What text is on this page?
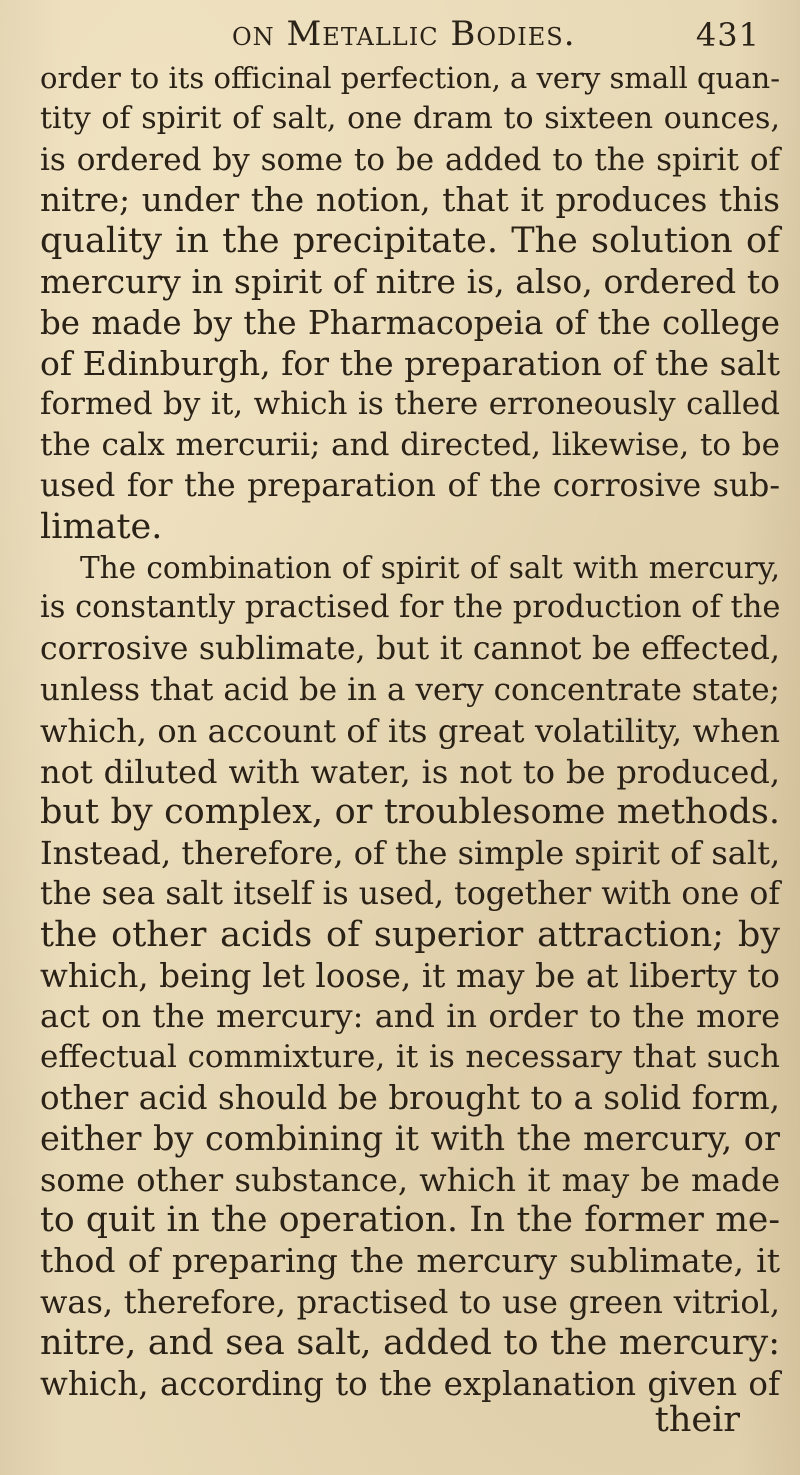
on Metallic Bodies.	431
order to its officinal perfection, a very small quan-
tity of spirit of salt, one dram to sixteen ounces,
is ordered by some to be added to the spirit of
nitre; under the notion, that it produces this
quality in the precipitate. The solution of
mercury in spirit of nitre is, also, ordered to
be made by the Pharmacopeia of the college
of Edinburgh, for the preparation of the salt
formed by it, which is there erroneously called
the calx mercurii; and directed, likewise, to be
used for the preparation of the corrosive sub-
limate.
The combination of spirit of salt with mercury,
is constantly practised for the production of the
corrosive sublimate, but it cannot be effected,
unless that acid be in a very concentrate state;
which, on account of its great volatility, when
not diluted with water, is not to be produced,
but by complex, or troublesome methods.
Instead, therefore, of the simple spirit of salt,
the sea salt itself is used, together with one of
the other acids of superior attraction; by
which, being let loose, it may be at liberty to
act on the mercury: and in order to the more
effectual commixture, it is necessary that such
other acid should be brought to a solid form,
either by combining it with the mercury, or
some other substance, which it may be made
to quit in the operation. In the former me-
thod of preparing the mercury sublimate, it
was, therefore, practised to use green vitriol,
nitre, and sea salt, added to the mercury:
which, according to the explanation given of
their
